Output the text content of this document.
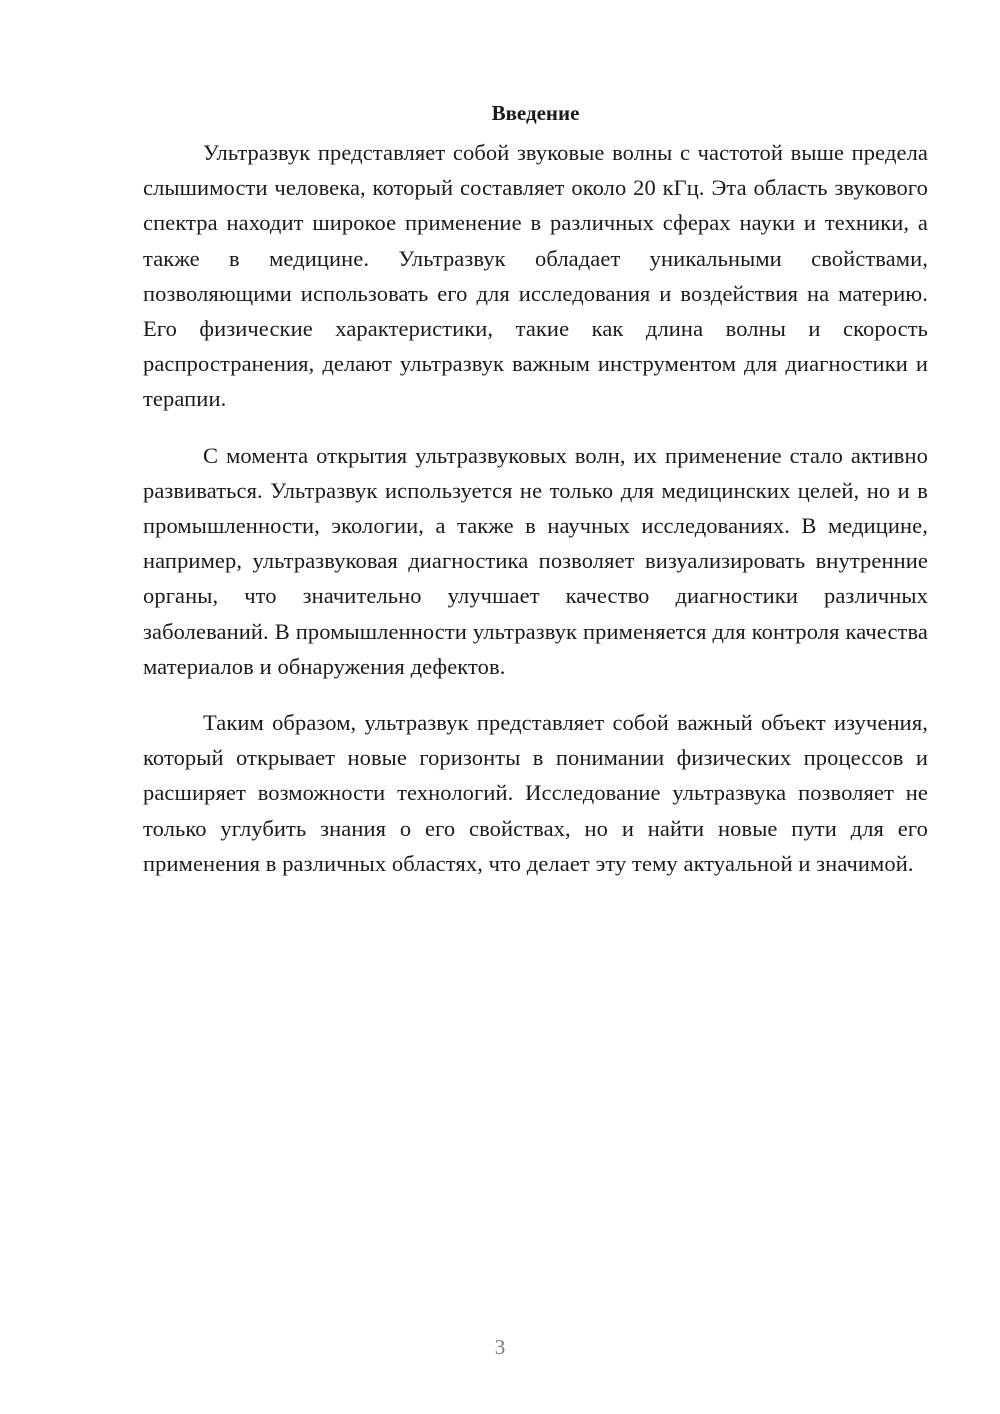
Введение

Ультразвук представляет собой звуковые волны с частотой выше предела слышимости человека, который составляет около 20 кГц. Эта область звукового спектра находит широкое применение в различных сферах науки и техники, а также в медицине. Ультразвук обладает уникальными свойствами, позволяющими использовать его для исследования и воздействия на материю. Его физические характеристики, такие как длина волны и скорость распространения, делают ультразвук важным инструментом для диагностики и терапии.

С момента открытия ультразвуковых волн, их применение стало активно развиваться. Ультразвук используется не только для медицинских целей, но и в промышленности, экологии, а также в научных исследованиях. В медицине, например, ультразвуковая диагностика позволяет визуализировать внутренние органы, что значительно улучшает качество диагностики различных заболеваний. В промышленности ультразвук применяется для контроля качества материалов и обнаружения дефектов.

Таким образом, ультразвук представляет собой важный объект изучения, который открывает новые горизонты в понимании физических процессов и расширяет возможности технологий. Исследование ультразвука позволяет не только углубить знания о его свойствах, но и найти новые пути для его применения в различных областях, что делает эту тему актуальной и значимой.

3
